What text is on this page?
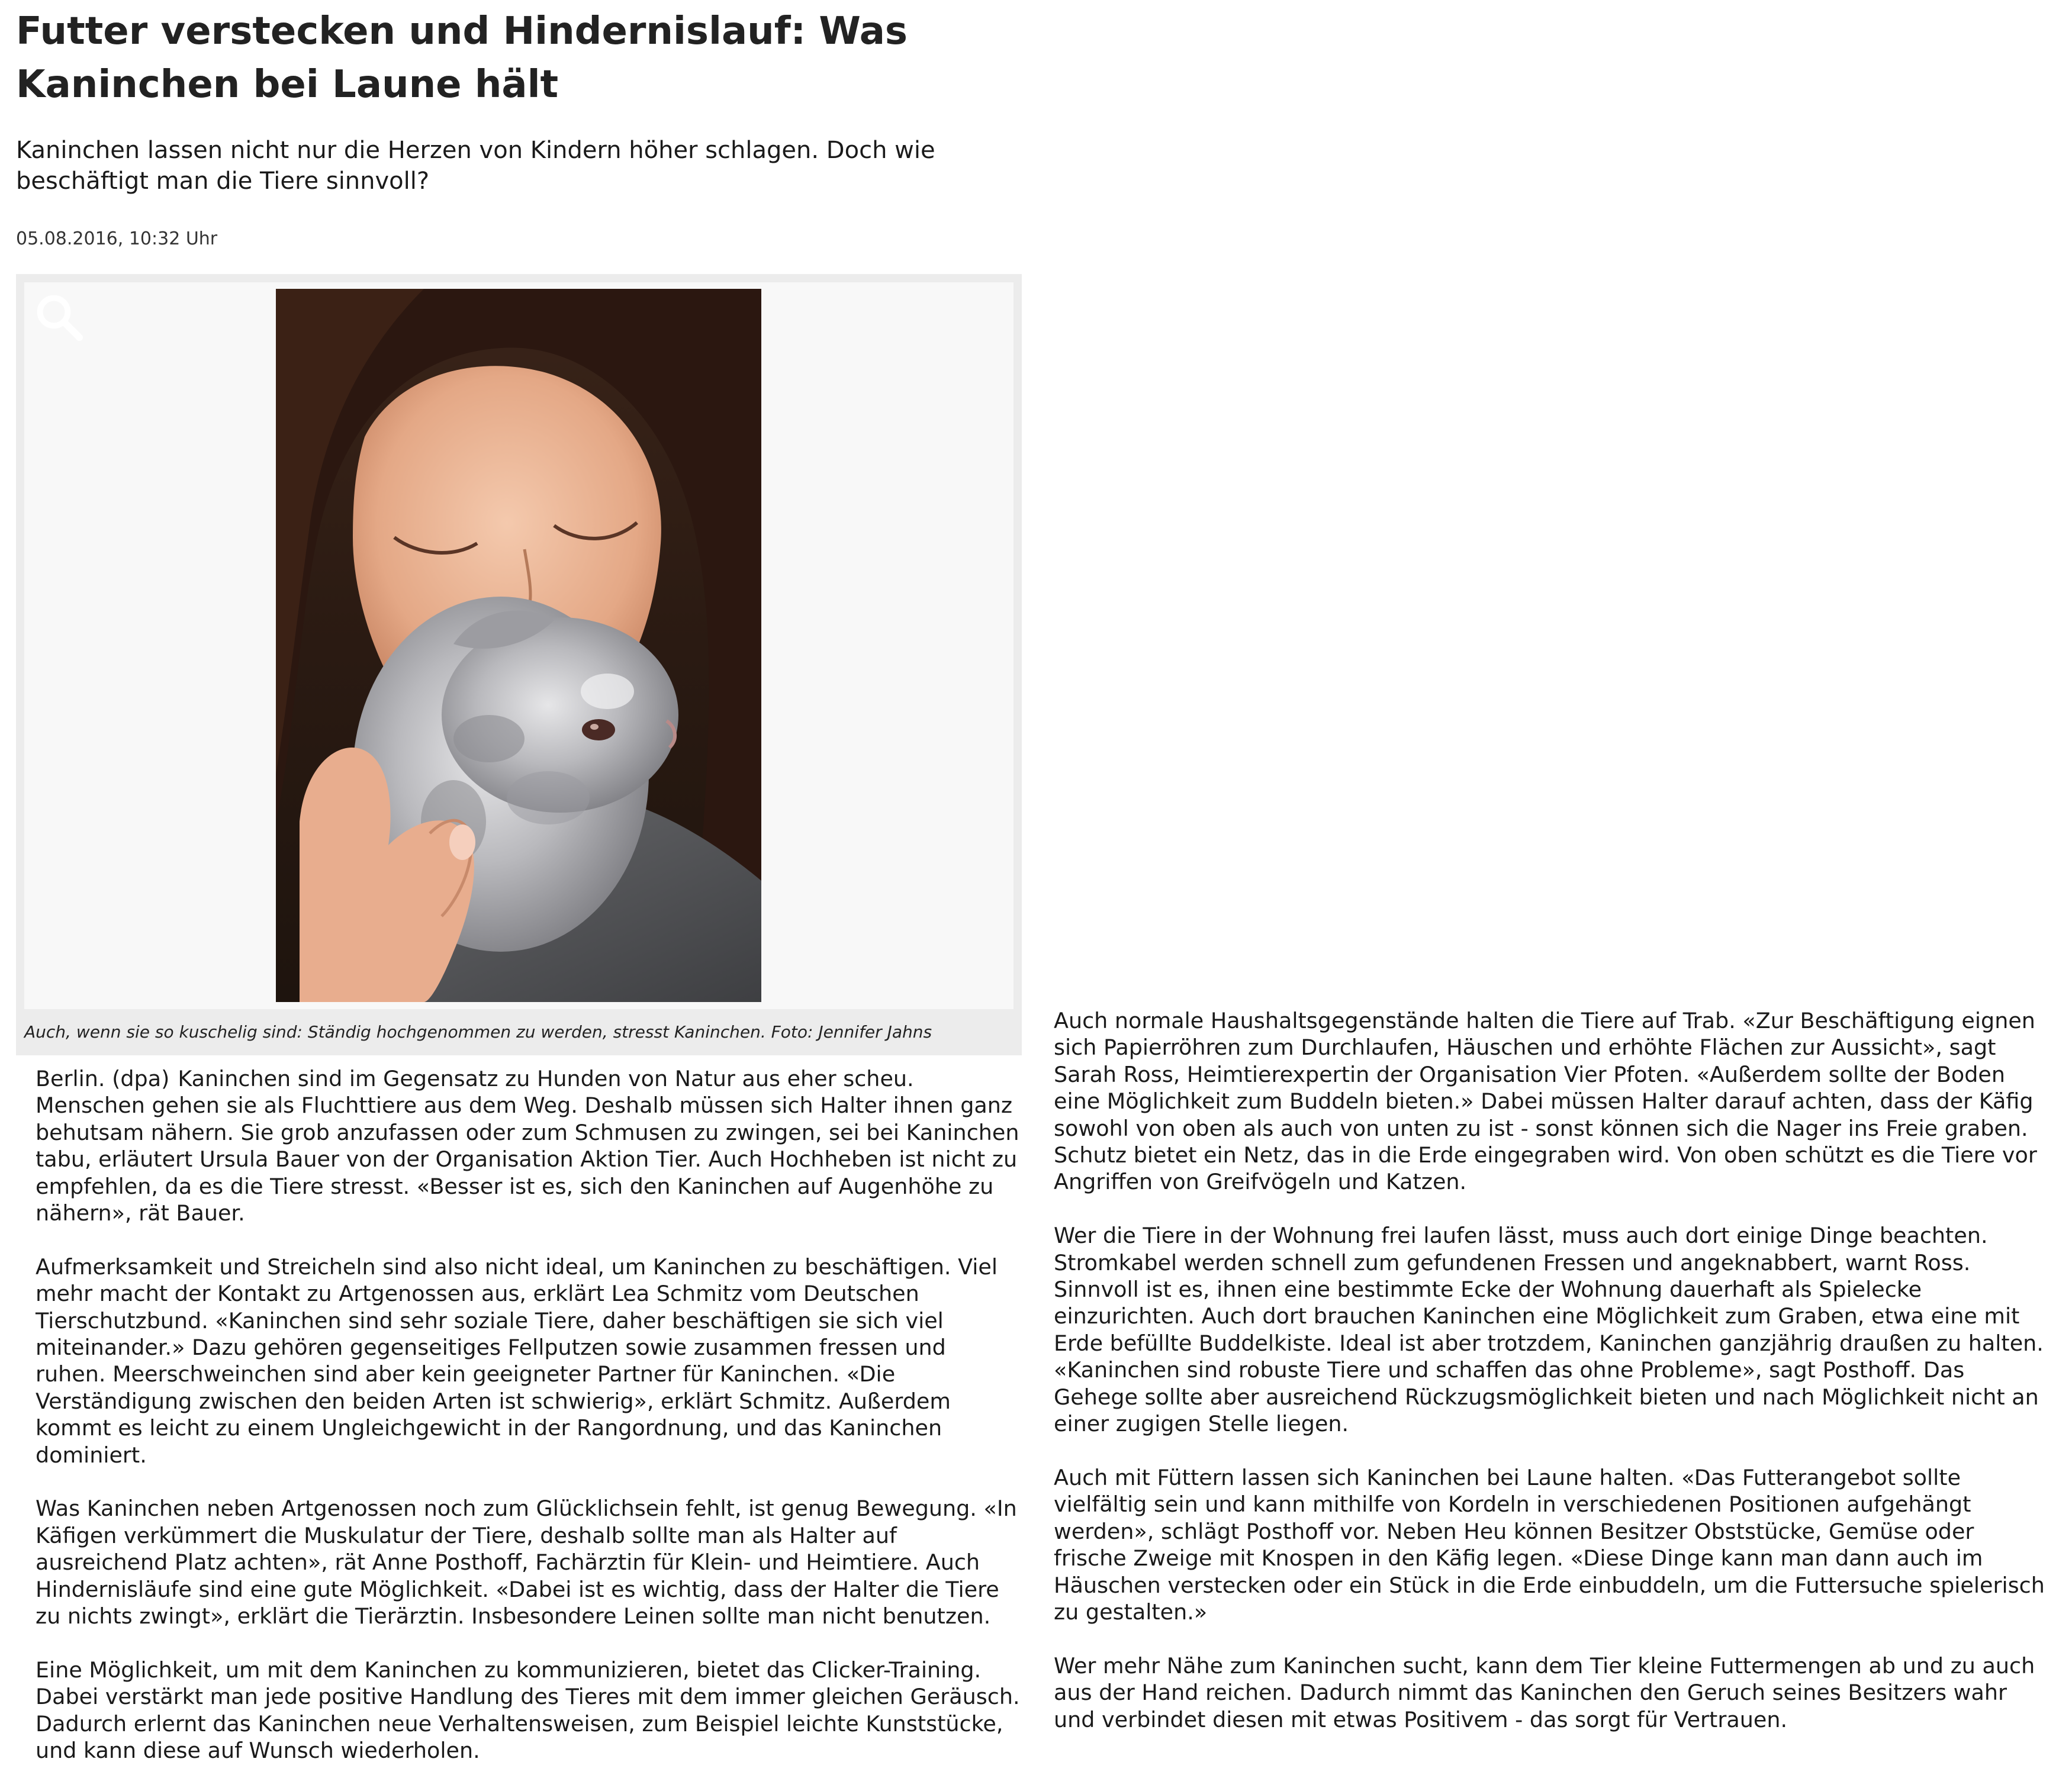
Futter verstecken und Hindernislauf: Was Kaninchen bei Laune hält

Kaninchen lassen nicht nur die Herzen von Kindern höher schlagen. Doch wie beschäftigt man die Tiere sinnvoll?

05.08.2016, 10:32 Uhr

Auch, wenn sie so kuschelig sind: Ständig hochgenommen zu werden, stresst Kaninchen. Foto: Jennifer Jahns

Berlin. (dpa) Kaninchen sind im Gegensatz zu Hunden von Natur aus eher scheu. Menschen gehen sie als Fluchttiere aus dem Weg. Deshalb müssen sich Halter ihnen ganz behutsam nähern. Sie grob anzufassen oder zum Schmusen zu zwingen, sei bei Kaninchen tabu, erläutert Ursula Bauer von der Organisation Aktion Tier. Auch Hochheben ist nicht zu empfehlen, da es die Tiere stresst. «Besser ist es, sich den Kaninchen auf Augenhöhe zu nähern», rät Bauer.

Aufmerksamkeit und Streicheln sind also nicht ideal, um Kaninchen zu beschäftigen. Viel mehr macht der Kontakt zu Artgenossen aus, erklärt Lea Schmitz vom Deutschen Tierschutzbund. «Kaninchen sind sehr soziale Tiere, daher beschäftigen sie sich viel miteinander.» Dazu gehören gegenseitiges Fellputzen sowie zusammen fressen und ruhen. Meerschweinchen sind aber kein geeigneter Partner für Kaninchen. «Die Verständigung zwischen den beiden Arten ist schwierig», erklärt Schmitz. Außerdem kommt es leicht zu einem Ungleichgewicht in der Rangordnung, und das Kaninchen dominiert.

Was Kaninchen neben Artgenossen noch zum Glücklichsein fehlt, ist genug Bewegung. «In Käfigen verkümmert die Muskulatur der Tiere, deshalb sollte man als Halter auf ausreichend Platz achten», rät Anne Posthoff, Fachärztin für Klein- und Heimtiere. Auch Hindernisläufe sind eine gute Möglichkeit. «Dabei ist es wichtig, dass der Halter die Tiere zu nichts zwingt», erklärt die Tierärztin. Insbesondere Leinen sollte man nicht benutzen.

Eine Möglichkeit, um mit dem Kaninchen zu kommunizieren, bietet das Clicker-Training. Dabei verstärkt man jede positive Handlung des Tieres mit dem immer gleichen Geräusch. Dadurch erlernt das Kaninchen neue Verhaltensweisen, zum Beispiel leichte Kunststücke, und kann diese auf Wunsch wiederholen.

Auch normale Haushaltsgegenstände halten die Tiere auf Trab. «Zur Beschäftigung eignen sich Papierröhren zum Durchlaufen, Häuschen und erhöhte Flächen zur Aussicht», sagt Sarah Ross, Heimtierexpertin der Organisation Vier Pfoten. «Außerdem sollte der Boden eine Möglichkeit zum Buddeln bieten.» Dabei müssen Halter darauf achten, dass der Käfig sowohl von oben als auch von unten zu ist - sonst können sich die Nager ins Freie graben. Schutz bietet ein Netz, das in die Erde eingegraben wird. Von oben schützt es die Tiere vor Angriffen von Greifvögeln und Katzen.

Wer die Tiere in der Wohnung frei laufen lässt, muss auch dort einige Dinge beachten. Stromkabel werden schnell zum gefundenen Fressen und angeknabbert, warnt Ross. Sinnvoll ist es, ihnen eine bestimmte Ecke der Wohnung dauerhaft als Spielecke einzurichten. Auch dort brauchen Kaninchen eine Möglichkeit zum Graben, etwa eine mit Erde befüllte Buddelkiste. Ideal ist aber trotzdem, Kaninchen ganzjährig draußen zu halten. «Kaninchen sind robuste Tiere und schaffen das ohne Probleme», sagt Posthoff. Das Gehege sollte aber ausreichend Rückzugsmöglichkeit bieten und nach Möglichkeit nicht an einer zugigen Stelle liegen.

Auch mit Füttern lassen sich Kaninchen bei Laune halten. «Das Futterangebot sollte vielfältig sein und kann mithilfe von Kordeln in verschiedenen Positionen aufgehängt werden», schlägt Posthoff vor. Neben Heu können Besitzer Obststücke, Gemüse oder frische Zweige mit Knospen in den Käfig legen. «Diese Dinge kann man dann auch im Häuschen verstecken oder ein Stück in die Erde einbuddeln, um die Futtersuche spielerisch zu gestalten.»

Wer mehr Nähe zum Kaninchen sucht, kann dem Tier kleine Futtermengen ab und zu auch aus der Hand reichen. Dadurch nimmt das Kaninchen den Geruch seines Besitzers wahr und verbindet diesen mit etwas Positivem - das sorgt für Vertrauen.
